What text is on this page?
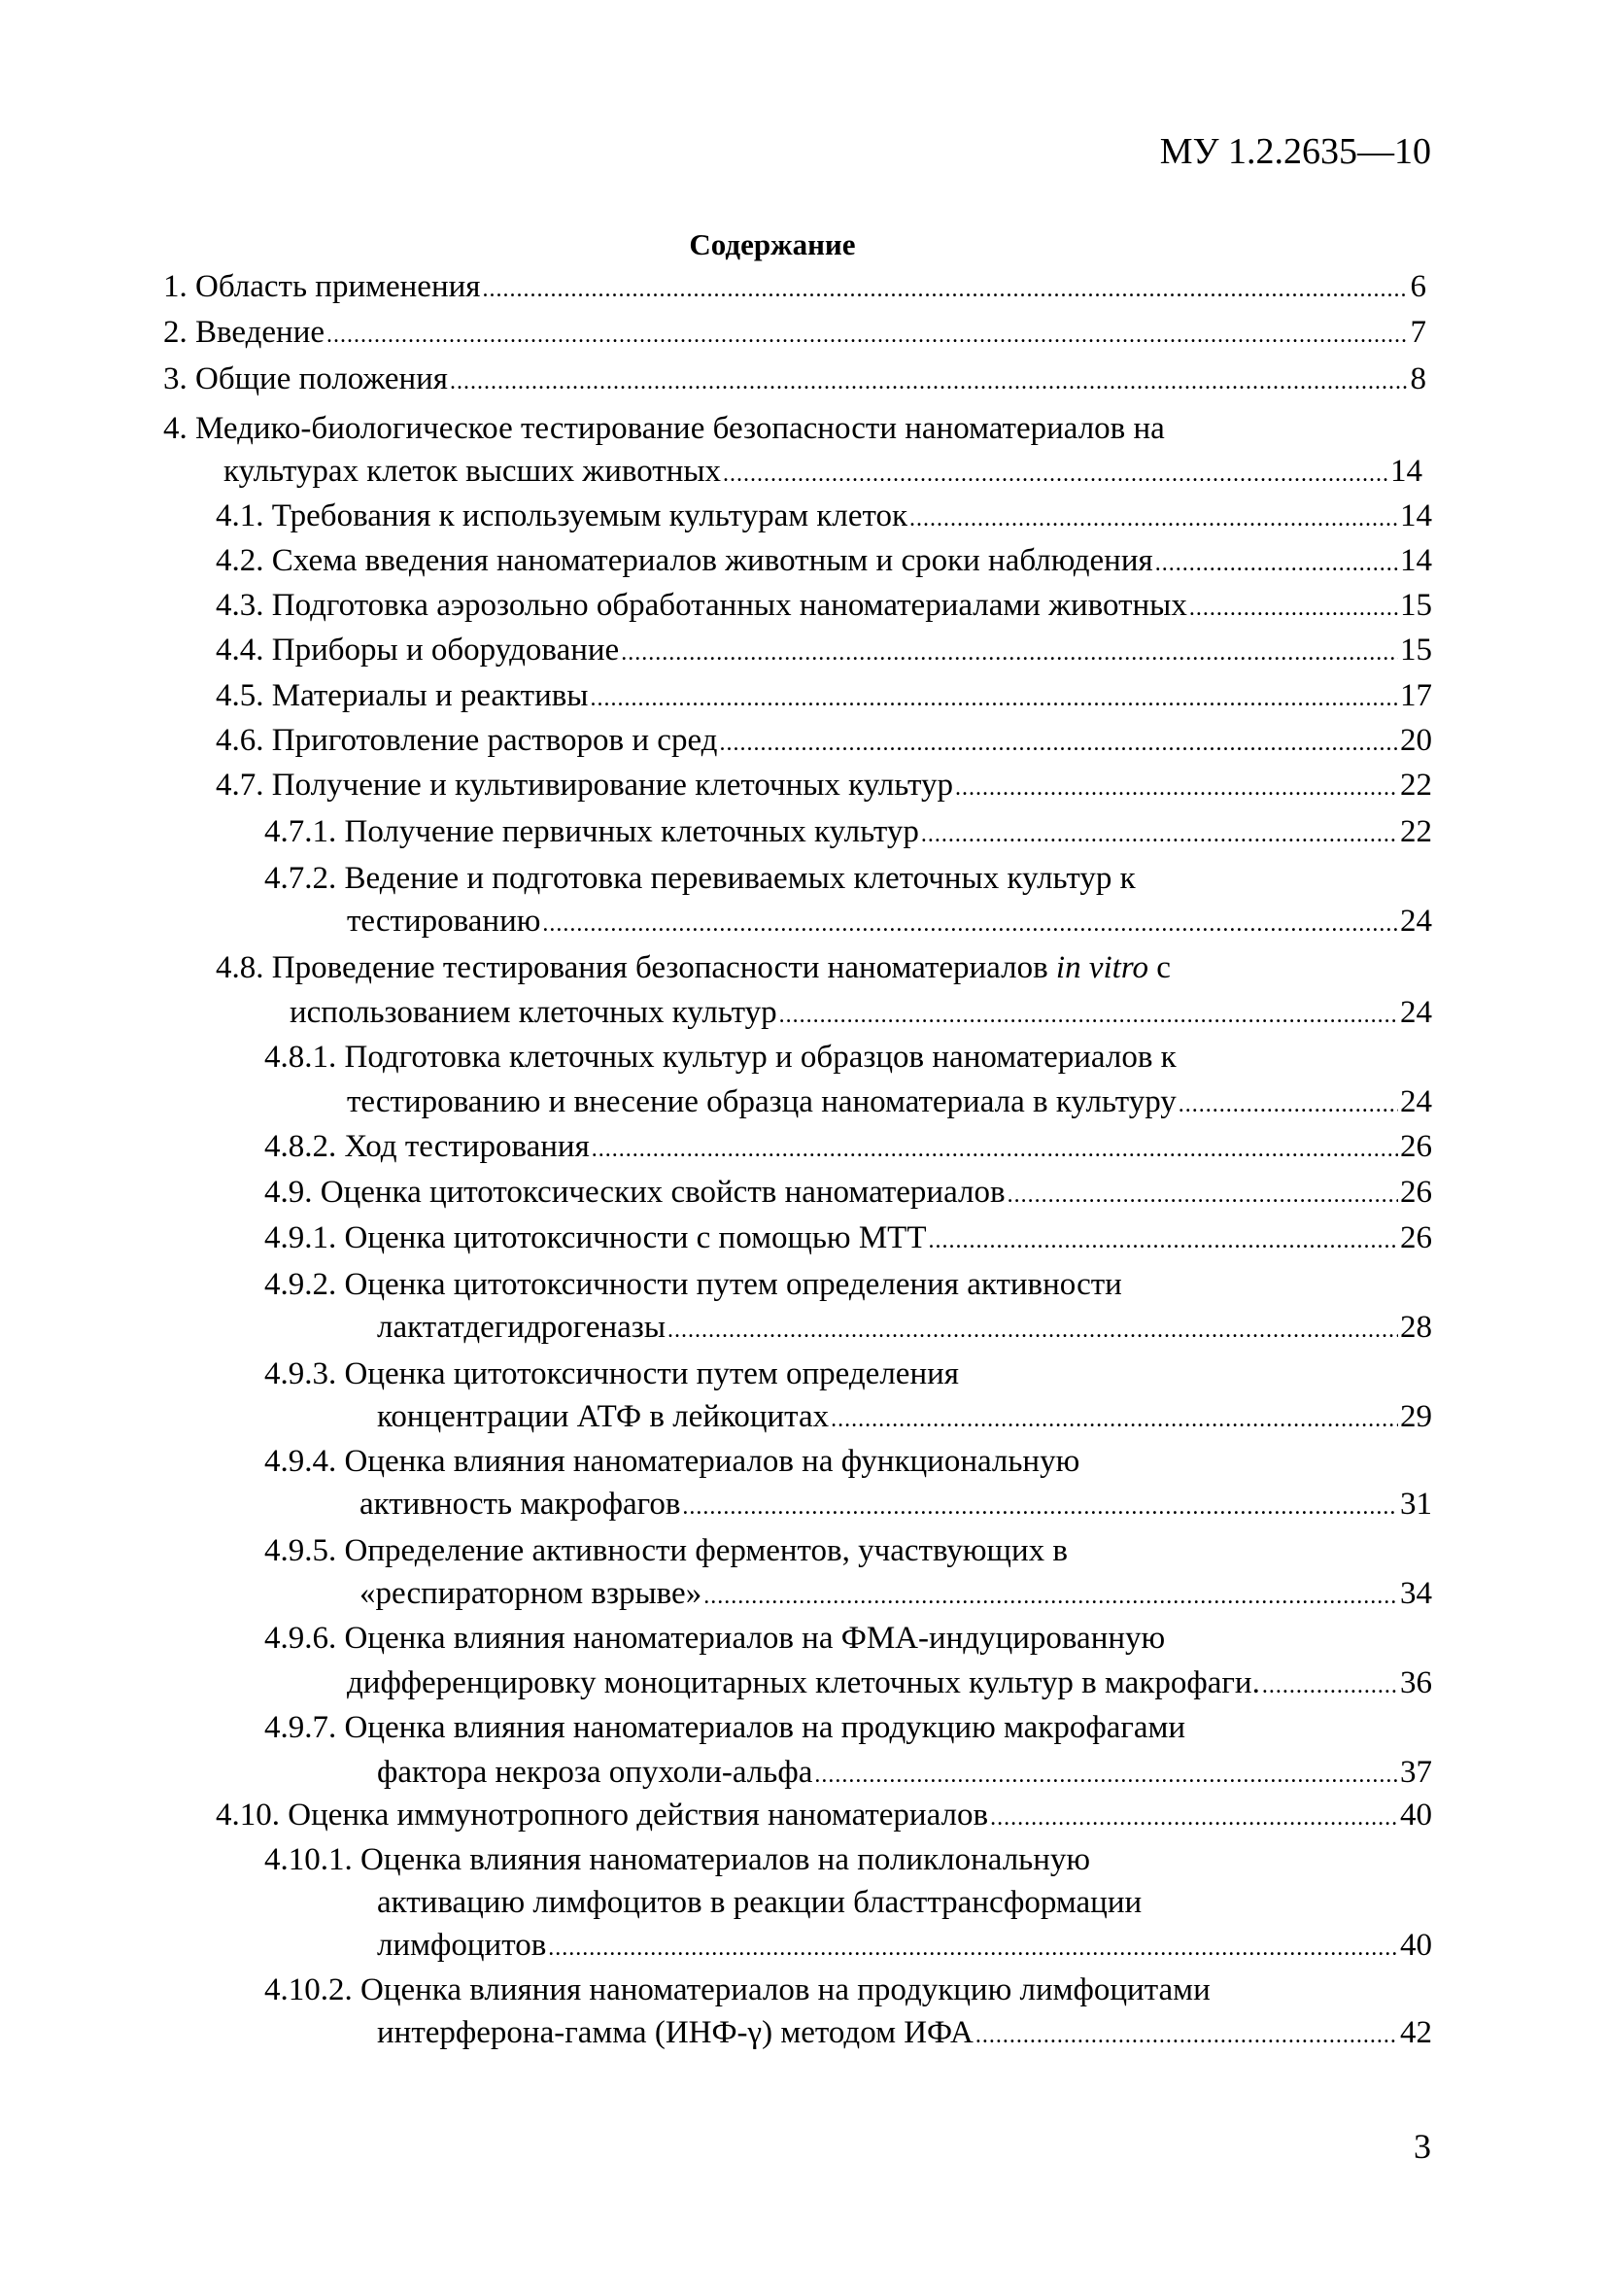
МУ 1.2.2635—10
Содержание
1. Область применения .....	6
2. Введение .....	7
3. Общие положения .....	8
4. Медико-биологическое тестирование безопасности наноматериалов на
культурах клеток высших животных .....	14
4.1. Требования к используемым культурам клеток .....	14
4.2. Схема введения наноматериалов животным и сроки наблюдения .....	14
4.3. Подготовка аэрозольно обработанных наноматериалами животных .....	15
4.4. Приборы и оборудование .....	15
4.5. Материалы и реактивы .....	17
4.6. Приготовление растворов и сред .....	20
4.7. Получение и культивирование клеточных культур .....	22
4.7.1. Получение первичных клеточных культур .....	22
4.7.2. Ведение и подготовка перевиваемых клеточных культур к
тестированию .....	24
4.8. Проведение тестирования безопасности наноматериалов in vitro с
использованием клеточных культур .....	24
4.8.1. Подготовка клеточных культур и образцов наноматериалов к
тестированию и внесение образца наноматериала в культуру .....	24
4.8.2. Ход тестирования .....	26
4.9. Оценка цитотоксических свойств наноматериалов .....	26
4.9.1. Оценка цитотоксичности с помощью МТТ .....	26
4.9.2. Оценка цитотоксичности путем определения активности
лактатдегидрогеназы .....	28
4.9.3. Оценка цитотоксичности путем определения
концентрации АТФ в лейкоцитах .....	29
4.9.4. Оценка влияния наноматериалов на функциональную
активность макрофагов .....	31
4.9.5. Определение активности ферментов, участвующих в
«респираторном взрыве» .....	34
4.9.6. Оценка влияния наноматериалов на ФМА-индуцированную
дифференцировку моноцитарных клеточных культур в макрофаги. .....	36
4.9.7. Оценка влияния наноматериалов на продукцию макрофагами
фактора некроза опухоли-альфа .....	37
4.10. Оценка иммунотропного действия наноматериалов .....	40
4.10.1. Оценка влияния наноматериалов на поликлональную
активацию лимфоцитов в реакции бласттрансформации
лимфоцитов .....	40
4.10.2. Оценка влияния наноматериалов на продукцию лимфоцитами
интерферона-гамма (ИНФ-γ) методом ИФА .....	42
3
